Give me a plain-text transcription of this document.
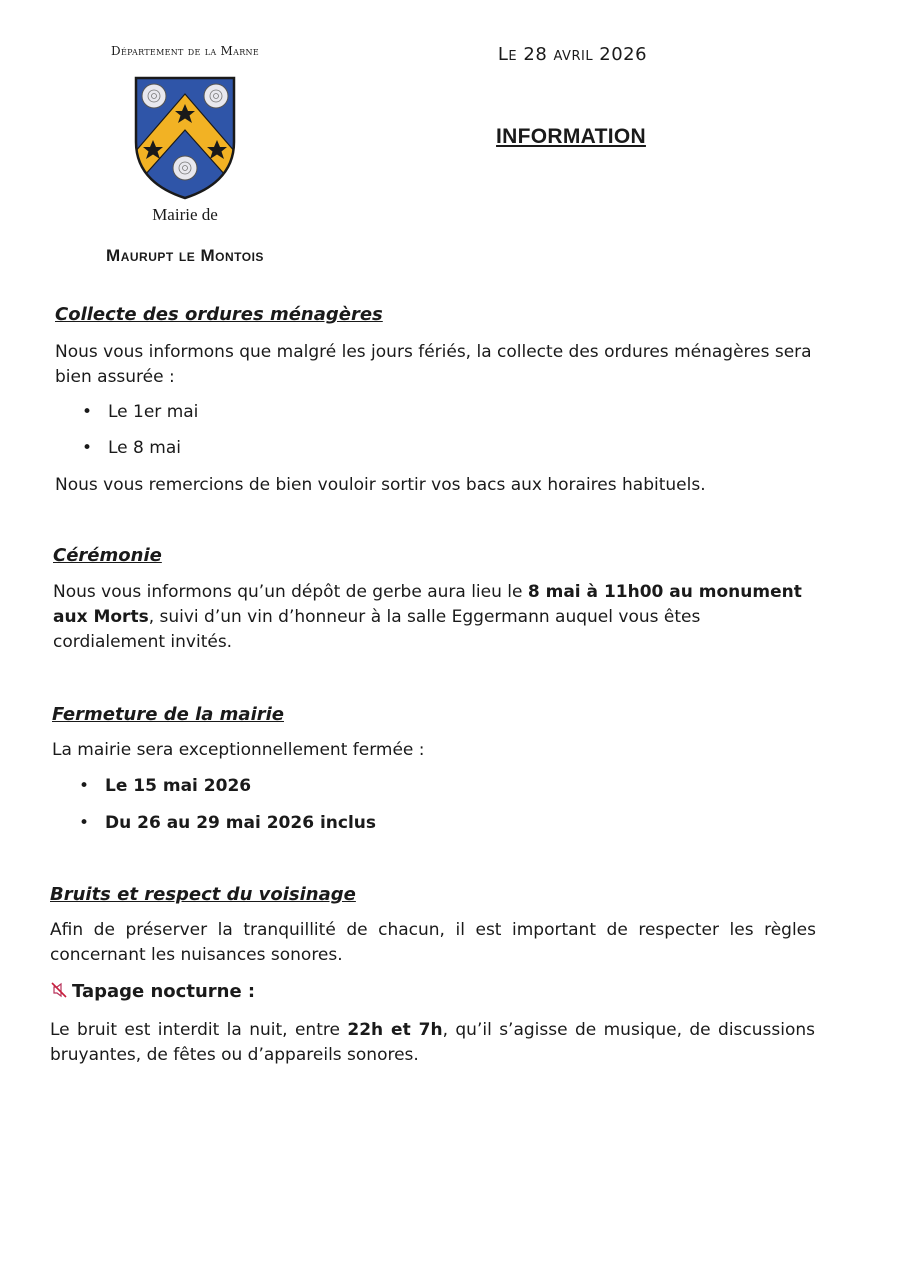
Département de la Marne	Le 28 avril 2026
Mairie de
Maurupt le Montois
INFORMATION
Collecte des ordures ménagères
Nous vous informons que malgré les jours fériés, la collecte des ordures ménagères sera bien assurée :
• Le 1er mai
• Le 8 mai
Nous vous remercions de bien vouloir sortir vos bacs aux horaires habituels.
Cérémonie
Nous vous informons qu’un dépôt de gerbe aura lieu le 8 mai à 11h00 au monument aux Morts, suivi d’un vin d’honneur à la salle Eggermann auquel vous êtes cordialement invités.
Fermeture de la mairie
La mairie sera exceptionnellement fermée :
• Le 15 mai 2026
• Du 26 au 29 mai 2026 inclus
Bruits et respect du voisinage
Afin de préserver la tranquillité de chacun, il est important de respecter les règles concernant les nuisances sonores.
Tapage nocturne :
Le bruit est interdit la nuit, entre 22h et 7h, qu’il s’agisse de musique, de discussions bruyantes, de fêtes ou d’appareils sonores.
